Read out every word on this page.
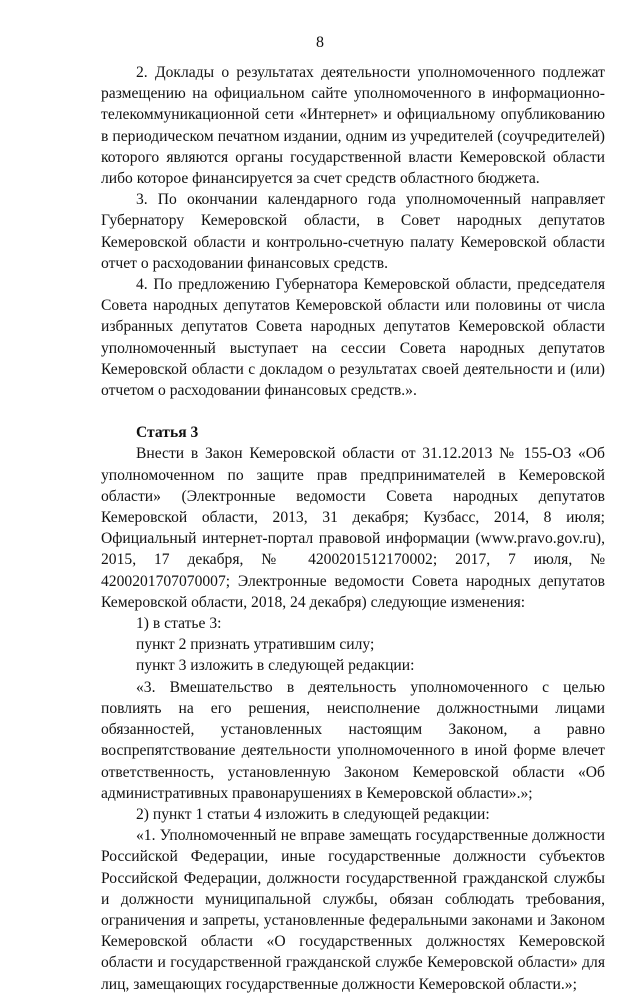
8

2. Доклады о результатах деятельности уполномоченного подлежат размещению на официальном сайте уполномоченного в информационно-телекоммуникационной сети «Интернет» и официальному опубликованию в периодическом печатном издании, одним из учредителей (соучредителей) которого являются органы государственной власти Кемеровской области либо которое финансируется за счет средств областного бюджета.

3. По окончании календарного года уполномоченный направляет Губернатору Кемеровской области, в Совет народных депутатов Кемеровской области и контрольно-счетную палату Кемеровской области отчет о расходовании финансовых средств.

4. По предложению Губернатора Кемеровской области, председателя Совета народных депутатов Кемеровской области или половины от числа избранных депутатов Совета народных депутатов Кемеровской области уполномоченный выступает на сессии Совета народных депутатов Кемеровской области с докладом о результатах своей деятельности и (или) отчетом о расходовании финансовых средств.».

Статья 3

Внести в Закон Кемеровской области от 31.12.2013 № 155-ОЗ «Об уполномоченном по защите прав предпринимателей в Кемеровской области» (Электронные ведомости Совета народных депутатов Кемеровской области, 2013, 31 декабря; Кузбасс, 2014, 8 июля; Официальный интернет-портал правовой информации (www.pravo.gov.ru), 2015, 17 декабря, № 4200201512170002; 2017, 7 июля, № 4200201707070007; Электронные ведомости Совета народных депутатов Кемеровской области, 2018, 24 декабря) следующие изменения:

1) в статье 3:

пункт 2 признать утратившим силу;

пункт 3 изложить в следующей редакции:

«3. Вмешательство в деятельность уполномоченного с целью повлиять на его решения, неисполнение должностными лицами обязанностей, установленных настоящим Законом, а равно воспрепятствование деятельности уполномоченного в иной форме влечет ответственность, установленную Законом Кемеровской области «Об административных правонарушениях в Кемеровской области».»;

2) пункт 1 статьи 4 изложить в следующей редакции:

«1. Уполномоченный не вправе замещать государственные должности Российской Федерации, иные государственные должности субъектов Российской Федерации, должности государственной гражданской службы и должности муниципальной службы, обязан соблюдать требования, ограничения и запреты, установленные федеральными законами и Законом Кемеровской области «О государственных должностях Кемеровской области и государственной гражданской службе Кемеровской области» для лиц, замещающих государственные должности Кемеровской области.»;
